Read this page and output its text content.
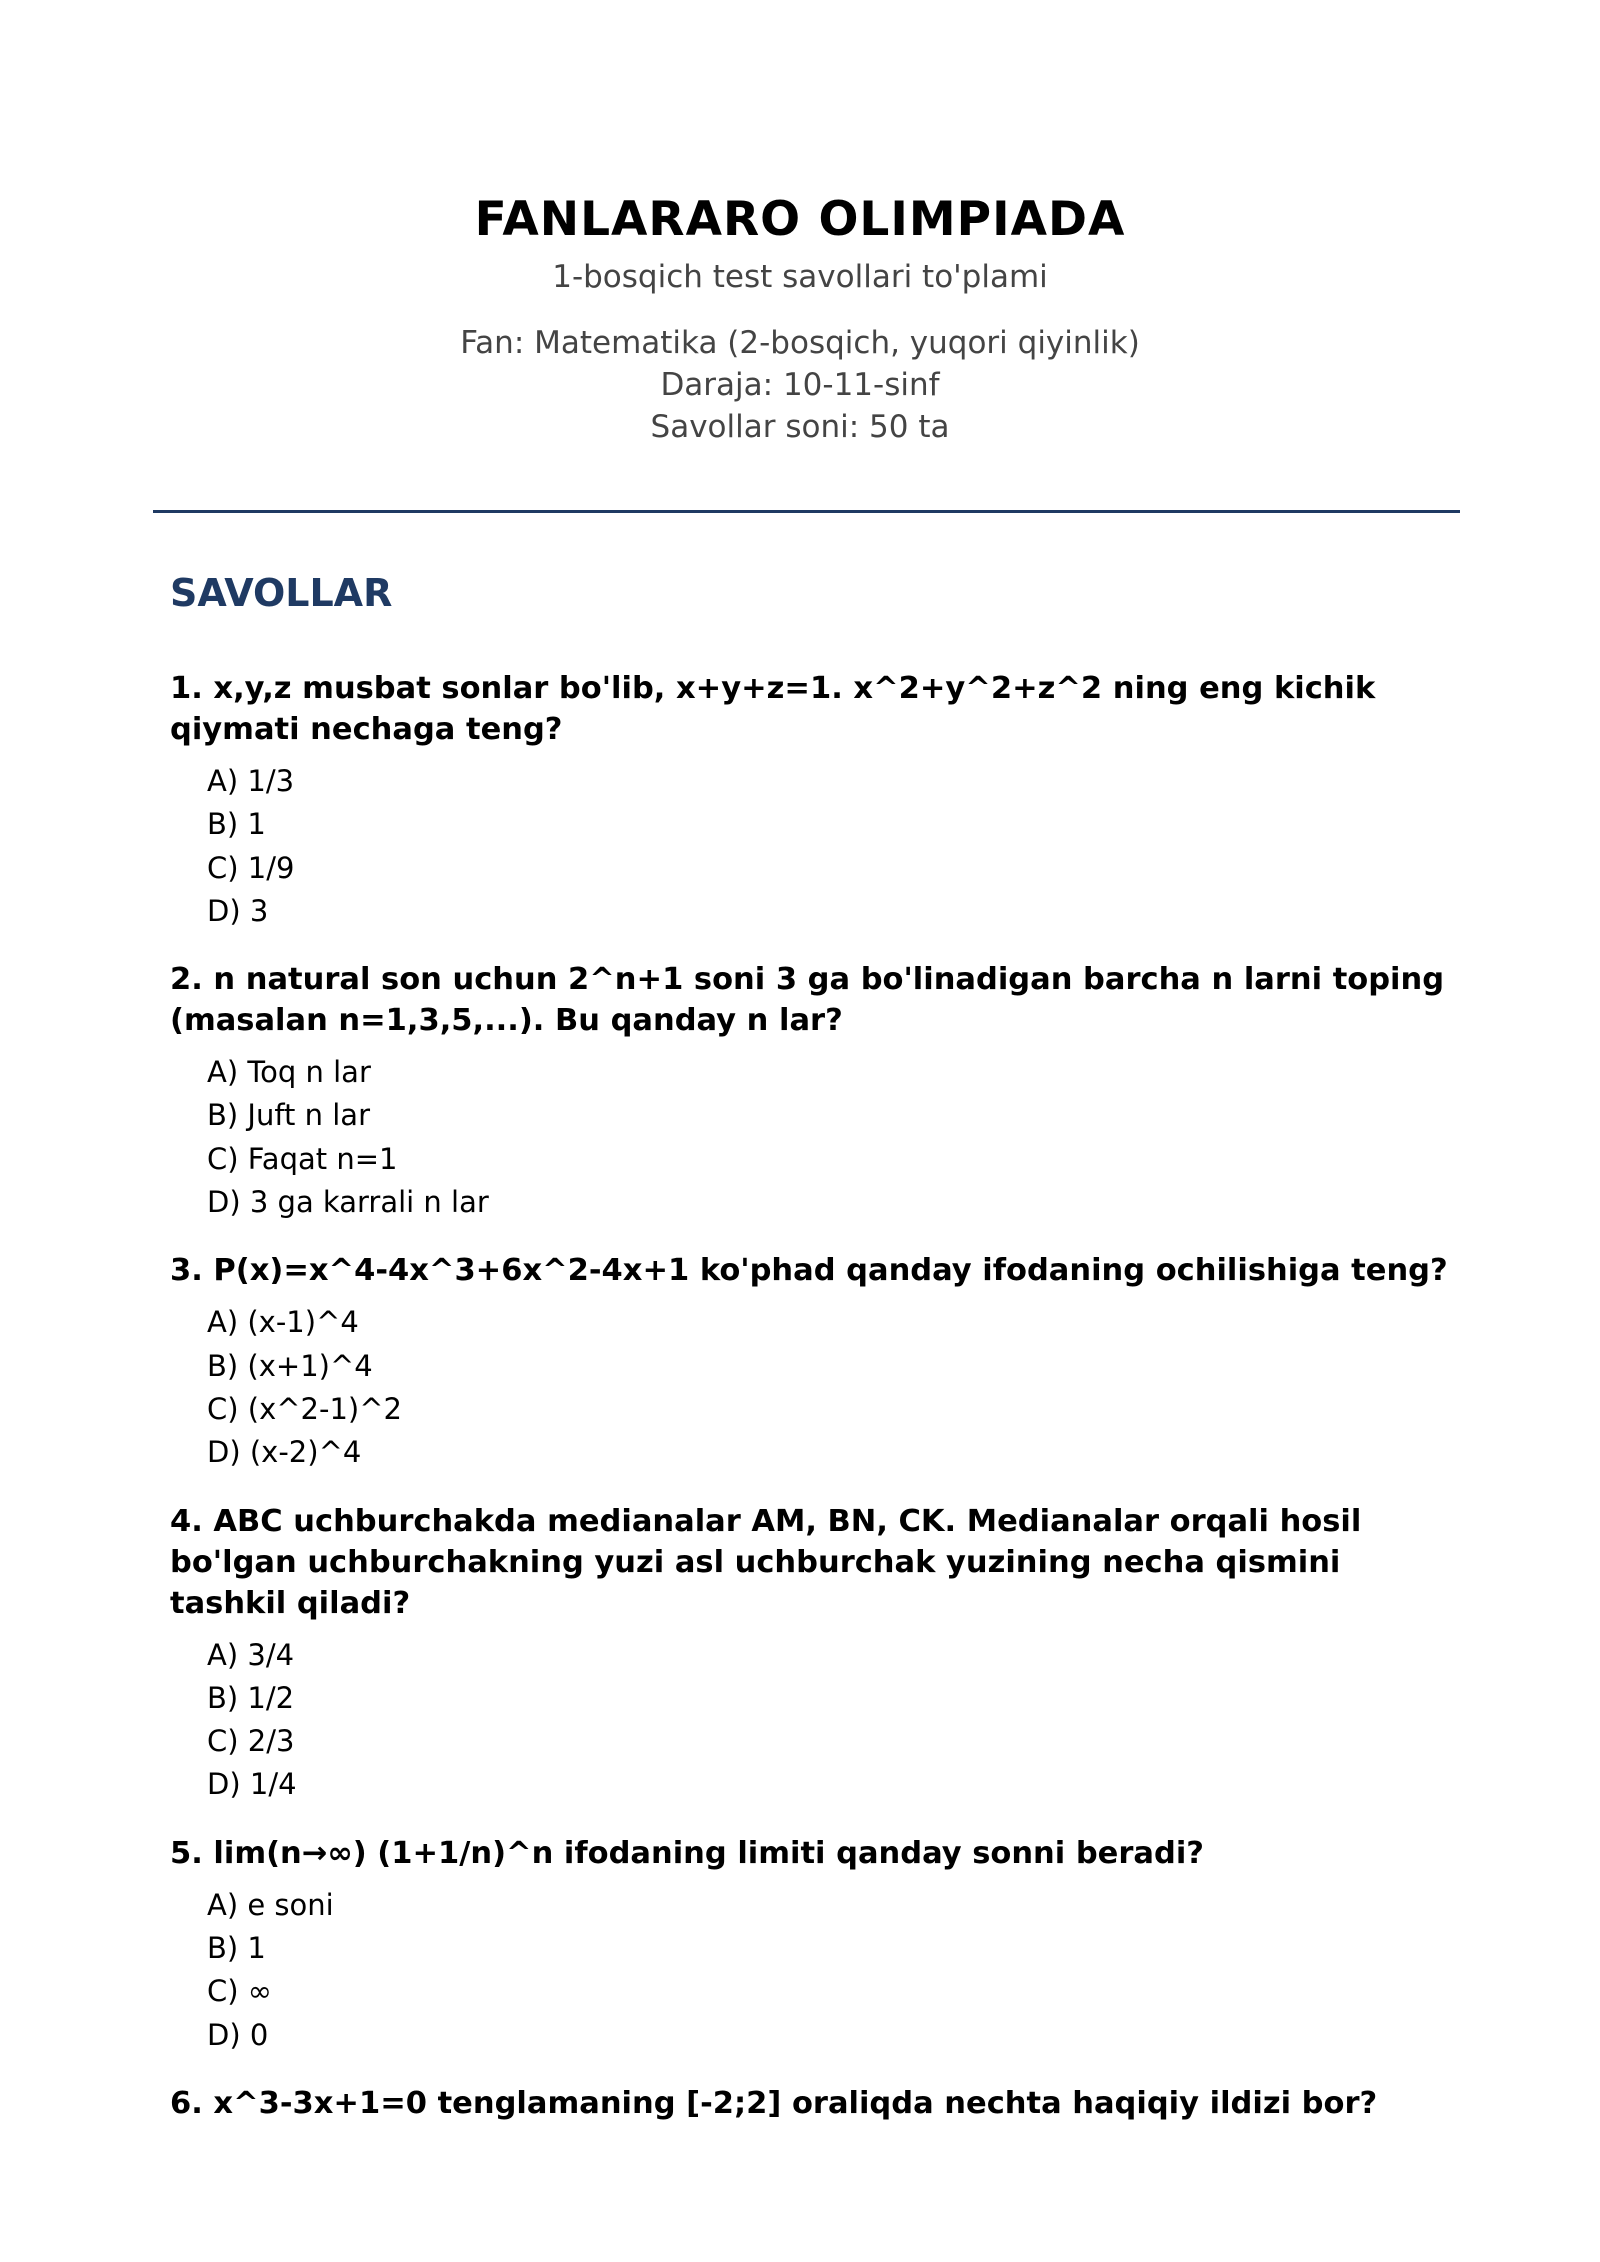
FANLARARO OLIMPIADA
1-bosqich test savollari to'plami
Fan: Matematika (2-bosqich, yuqori qiyinlik)
Daraja: 10-11-sinf
Savollar soni: 50 ta
SAVOLLAR

1. x,y,z musbat sonlar bo'lib, x+y+z=1. x^2+y^2+z^2 ning eng kichik qiymati nechaga teng?

A) 1/3
B) 1
C) 1/9
D) 3

2. n natural son uchun 2^n+1 soni 3 ga bo'linadigan barcha n larni toping (masalan n=1,3,5,...). Bu qanday n lar?

A) Toq n lar
B) Juft n lar
C) Faqat n=1
D) 3 ga karrali n lar

3. P(x)=x^4-4x^3+6x^2-4x+1 ko'phad qanday ifodaning ochilishiga teng?

A) (x-1)^4
B) (x+1)^4
C) (x^2-1)^2
D) (x-2)^4

4. ABC uchburchakda medianalar AM, BN, CK. Medianalar orqali hosil bo'lgan uchburchakning yuzi asl uchburchak yuzining necha qismini tashkil qiladi?

A) 3/4
B) 1/2
C) 2/3
D) 1/4

5. lim(n→∞) (1+1/n)^n ifodaning limiti qanday sonni beradi?

A) e soni
B) 1
C) ∞
D) 0

6. x^3-3x+1=0 tenglamaning [-2;2] oraliqda nechta haqiqiy ildizi bor?
